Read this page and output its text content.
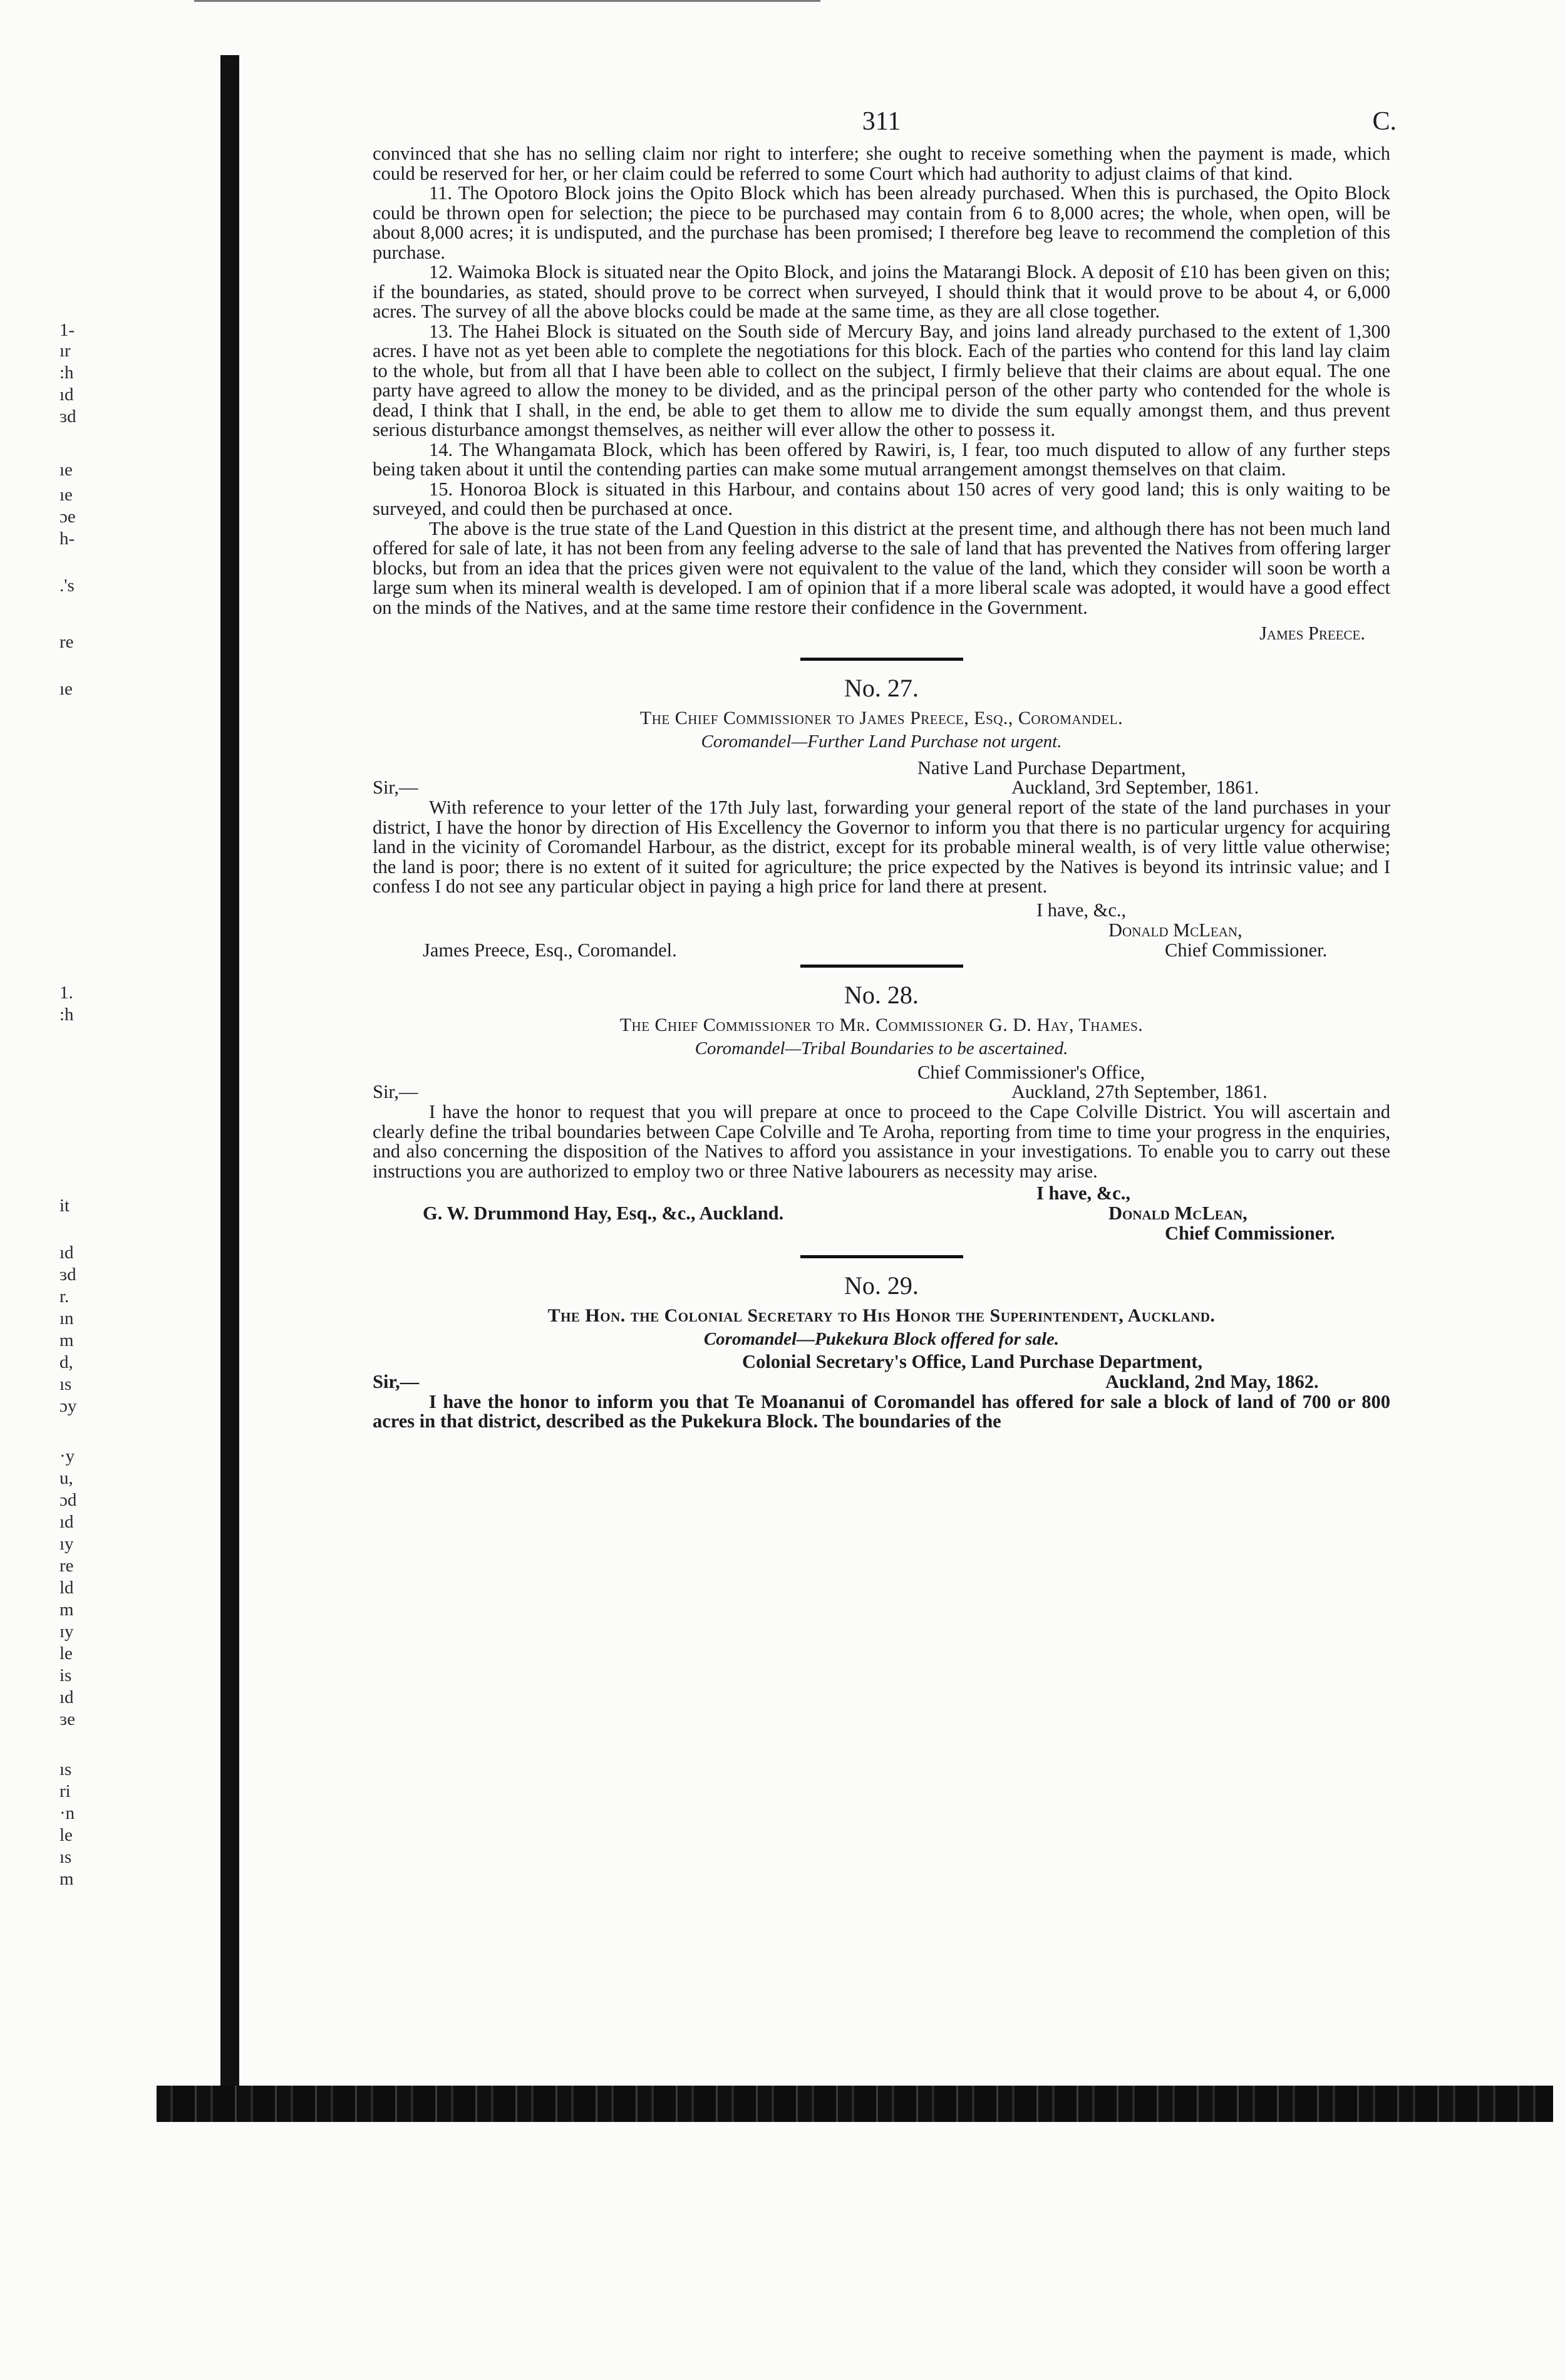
1-
ır
:h
ıd
ɜd
ıe
ıe
ɔe
h-
.'s
re
ıe
1.
:h
it
ıd
ɜd
r.
ın
m
d,
ıs
ɔy
·y
u,
ɔd
ıd
ıy
re
ld
m
ɪy
le
is
ıd
ɜe
ıs
ri
·n
le
ıs
m
311	C.

convinced that she has no selling claim nor right to interfere; she ought to receive something when the payment is made, which could be reserved for her, or her claim could be referred to some Court which had authority to adjust claims of that kind.

11. The Opotoro Block joins the Opito Block which has been already purchased. When this is purchased, the Opito Block could be thrown open for selection; the piece to be purchased may contain from 6 to 8,000 acres; the whole, when open, will be about 8,000 acres; it is undisputed, and the purchase has been promised; I therefore beg leave to recommend the completion of this purchase.

12. Waimoka Block is situated near the Opito Block, and joins the Matarangi Block. A deposit of £10 has been given on this; if the boundaries, as stated, should prove to be correct when surveyed, I should think that it would prove to be about 4, or 6,000 acres. The survey of all the above blocks could be made at the same time, as they are all close together.

13. The Hahei Block is situated on the South side of Mercury Bay, and joins land already purchased to the extent of 1,300 acres. I have not as yet been able to complete the negotiations for this block. Each of the parties who contend for this land lay claim to the whole, but from all that I have been able to collect on the subject, I firmly believe that their claims are about equal. The one party have agreed to allow the money to be divided, and as the principal person of the other party who contended for the whole is dead, I think that I shall, in the end, be able to get them to allow me to divide the sum equally amongst them, and thus prevent serious disturbance amongst themselves, as neither will ever allow the other to possess it.

14. The Whangamata Block, which has been offered by Rawiri, is, I fear, too much disputed to allow of any further steps being taken about it until the contending parties can make some mutual arrangement amongst themselves on that claim.

15. Honoroa Block is situated in this Harbour, and contains about 150 acres of very good land; this is only waiting to be surveyed, and could then be purchased at once.

The above is the true state of the Land Question in this district at the present time, and although there has not been much land offered for sale of late, it has not been from any feeling adverse to the sale of land that has prevented the Natives from offering larger blocks, but from an idea that the prices given were not equivalent to the value of the land, which they consider will soon be worth a large sum when its mineral wealth is developed. I am of opinion that if a more liberal scale was adopted, it would have a good effect on the minds of the Natives, and at the same time restore their confidence in the Government.

James Preece.

No. 27.
The Chief Commissioner to James Preece, Esq., Coromandel.
Coromandel—Further Land Purchase not urgent.
Native Land Purchase Department,
Sir,—	Auckland, 3rd September, 1861.

With reference to your letter of the 17th July last, forwarding your general report of the state of the land purchases in your district, I have the honor by direction of His Excellency the Governor to inform you that there is no particular urgency for acquiring land in the vicinity of Coromandel Harbour, as the district, except for its probable mineral wealth, is of very little value otherwise; the land is poor; there is no extent of it suited for agriculture; the price expected by the Natives is beyond its intrinsic value; and I confess I do not see any particular object in paying a high price for land there at present.

I have, &c.,
Donald McLean,
James Preece, Esq., Coromandel.	Chief Commissioner.
No. 28.
The Chief Commissioner to Mr. Commissioner G. D. Hay, Thames.
Coromandel—Tribal Boundaries to be ascertained.
Chief Commissioner's Office,
Sir,—	Auckland, 27th September, 1861.

I have the honor to request that you will prepare at once to proceed to the Cape Colville District. You will ascertain and clearly define the tribal boundaries between Cape Colville and Te Aroha, reporting from time to time your progress in the enquiries, and also concerning the disposition of the Natives to afford you assistance in your investigations. To enable you to carry out these instructions you are authorized to employ two or three Native labourers as necessity may arise.

I have, &c.,
G. W. Drummond Hay, Esq., &c., Auckland.	Donald McLean,
Chief Commissioner.
No. 29.
The Hon. the Colonial Secretary to His Honor the Superintendent, Auckland.
Coromandel—Pukekura Block offered for sale.
Colonial Secretary's Office, Land Purchase Department,
Sir,—	Auckland, 2nd May, 1862.

I have the honor to inform you that Te Moananui of Coromandel has offered for sale a block of land of 700 or 800 acres in that district, described as the Pukekura Block. The boundaries of the
